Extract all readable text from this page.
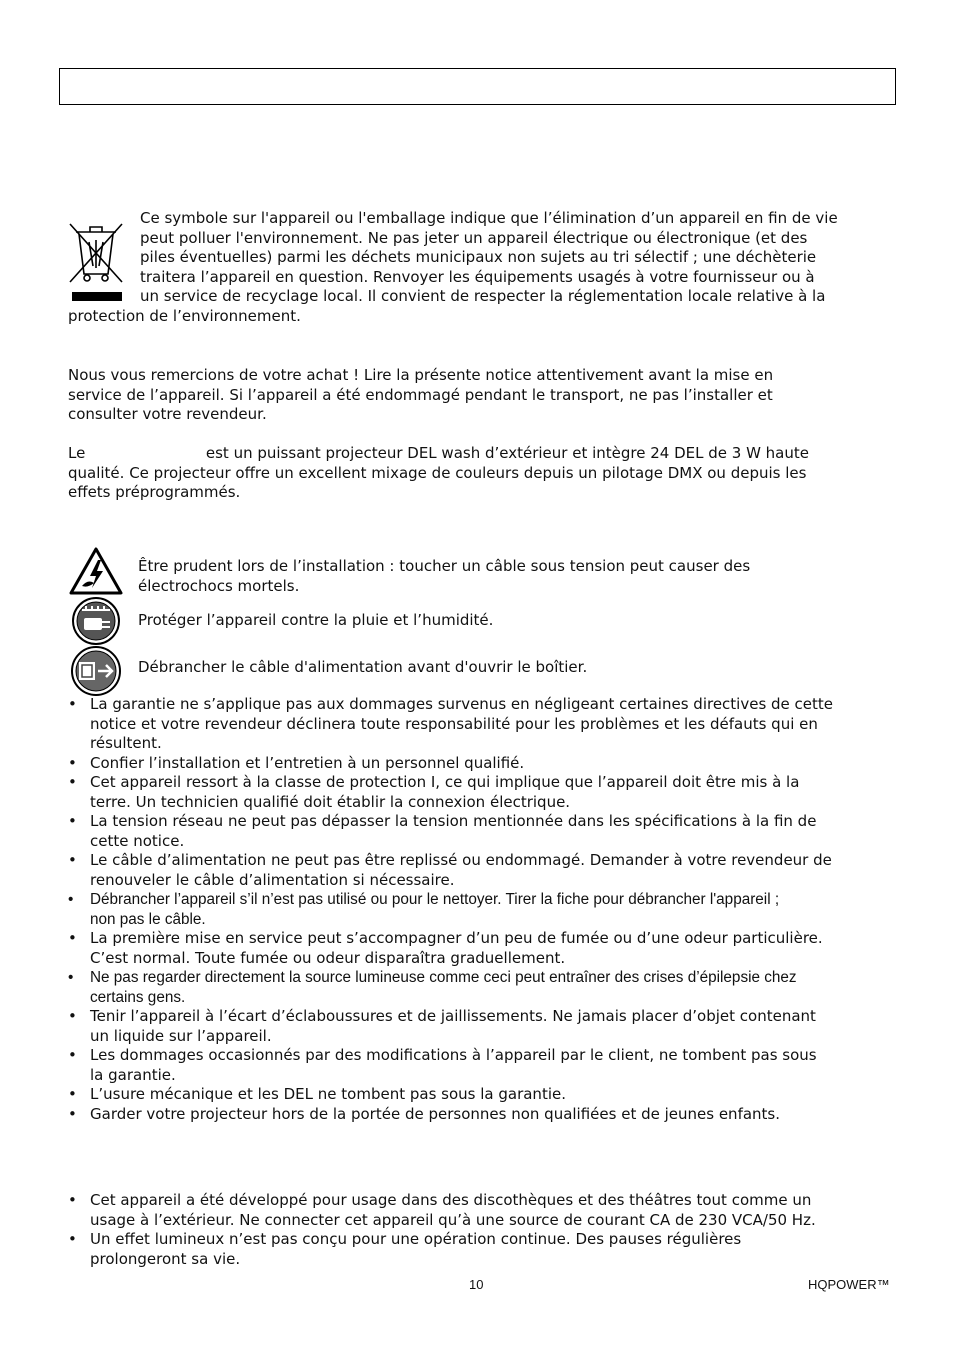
Ce symbole sur l'appareil ou l'emballage indique que l’élimination d’un appareil en fin de vie
peut polluer l'environnement. Ne pas jeter un appareil électrique ou électronique (et des
piles éventuelles) parmi les déchets municipaux non sujets au tri sélectif ; une déchèterie
traitera l’appareil en question. Renvoyer les équipements usagés à votre fournisseur ou à
un service de recyclage local. Il convient de respecter la réglementation locale relative à la
protection de l’environnement.
Nous vous remercions de votre achat ! Lire la présente notice attentivement avant la mise en
service de l’appareil. Si l’appareil a été endommagé pendant le transport, ne pas l’installer et
consulter votre revendeur.
Le	est un puissant projecteur DEL wash d’extérieur et intègre 24 DEL de 3 W haute
qualité. Ce projecteur offre un excellent mixage de couleurs depuis un pilotage DMX ou depuis les
effets préprogrammés.
Être prudent lors de l’installation : toucher un câble sous tension peut causer des
électrochocs mortels.
Protéger l’appareil contre la pluie et l’humidité.
Débrancher le câble d'alimentation avant d'ouvrir le boîtier.
• La garantie ne s’applique pas aux dommages survenus en négligeant certaines directives de cette
notice et votre revendeur déclinera toute responsabilité pour les problèmes et les défauts qui en
résultent.
• Confier l’installation et l’entretien à un personnel qualifié.
• Cet appareil ressort à la classe de protection I, ce qui implique que l’appareil doit être mis à la
terre. Un technicien qualifié doit établir la connexion électrique.
• La tension réseau ne peut pas dépasser la tension mentionnée dans les spécifications à la fin de
cette notice.
• Le câble d’alimentation ne peut pas être replissé ou endommagé. Demander à votre revendeur de
renouveler le câble d’alimentation si nécessaire.
• Débrancher l’appareil s’il n’est pas utilisé ou pour le nettoyer. Tirer la fiche pour débrancher l'appareil ;
non pas le câble.
• La première mise en service peut s’accompagner d’un peu de fumée ou d’une odeur particulière.
C’est normal. Toute fumée ou odeur disparaîtra graduellement.
• Ne pas regarder directement la source lumineuse comme ceci peut entraîner des crises d’épilepsie chez
certains gens.
• Tenir l’appareil à l’écart d’éclaboussures et de jaillissements. Ne jamais placer d’objet contenant
un liquide sur l’appareil.
• Les dommages occasionnés par des modifications à l’appareil par le client, ne tombent pas sous
la garantie.
• L’usure mécanique et les DEL ne tombent pas sous la garantie.
• Garder votre projecteur hors de la portée de personnes non qualifiées et de jeunes enfants.
• Cet appareil a été développé pour usage dans des discothèques et des théâtres tout comme un
usage à l’extérieur. Ne connecter cet appareil qu’à une source de courant CA de 230 VCA/50 Hz.
• Un effet lumineux n’est pas conçu pour une opération continue. Des pauses régulières
prolongeront sa vie.
10	HQPOWER™
